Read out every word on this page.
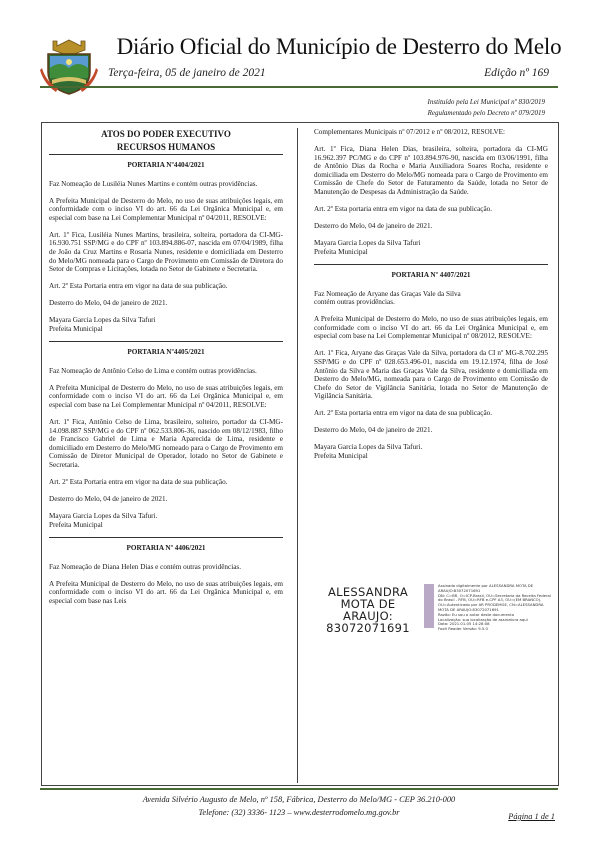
Diário Oficial do Município de Desterro do Melo
Terça-feira, 05 de janeiro de 2021	Edição nº 169
Instituído pela Lei Municipal nº 830/2019
Regulamentado pelo Decreto nº 079/2019
ATOS DO PODER EXECUTIVO
RECURSOS HUMANOS
PORTARIA Nº4404/2021

Faz Nomeação de Lusiléia Nunes Martins e contém outras providências.

A Prefeita Municipal de Desterro do Melo, no uso de suas atribuições legais, em conformidade com o inciso VI do art. 66 da Lei Orgânica Municipal e, em especial com base na Lei Complementar Municipal nº 04/2011, RESOLVE:

Art. 1º Fica, Lusiléia Nunes Martins, brasileira, solteira, portadora da CI-MG-16.930.751 SSP/MG e do CPF nº 103.894.886-07, nascida em 07/04/1989, filha de João da Cruz Martins e Rosaria Nunes, residente e domiciliada em Desterro do Melo/MG nomeada para o Cargo de Provimento em Comissão de Diretora do Setor de Compras e Licitações, lotada no Setor de Gabinete e Secretaria.

Art. 2º Esta Portaria entra em vigor na data de sua publicação.

Desterro do Melo, 04 de janeiro de 2021.

Mayara Garcia Lopes da Silva Tafuri

Prefeita Municipal

PORTARIA Nº4405/2021

Faz Nomeação de Antônio Celso de Lima e contém outras providências.

A Prefeita Municipal de Desterro do Melo, no uso de suas atribuições legais, em conformidade com o inciso VI do art. 66 da Lei Orgânica Municipal e, em especial com base na Lei Complementar Municipal nº 04/2011, RESOLVE:

Art. 1º Fica, Antônio Celso de Lima, brasileiro, solteiro, portador da CI-MG-14.098.887 SSP/MG e do CPF nº 062.533.806-36, nascido em 08/12/1983, filho de Francisco Gabriel de Lima e Maria Aparecida de Lima, residente e domiciliado em Desterro do Melo/MG nomeado para o Cargo de Provimento em Comissão de Diretor Municipal de Operador, lotado no Setor de Gabinete e Secretaria.

Art. 2º Esta Portaria entra em vigor na data de sua publicação.

Desterro do Melo, 04 de janeiro de 2021.

Mayara Garcia Lopes da Silva Tafuri.

Prefeita Municipal

PORTARIA Nº 4406/2021

Faz Nomeação de Diana Helen Dias e contém outras providências.

A Prefeita Municipal de Desterro do Melo, no uso de suas atribuições legais, em conformidade com o inciso VI do art. 66 da Lei Orgânica Municipal e, em especial com base nas Leis

Complementares Municipais nº 07/2012 e nº 08/2012, RESOLVE:

Art. 1º Fica, Diana Helen Dias, brasileira, solteira, portadora da CI-MG 16.962.397 PC/MG e do CPF nº 103.894.976-90, nascida em 03/06/1991, filha de Antônio Dias da Rocha e Maria Auxiliadora Soares Rocha, residente e domiciliada em Desterro do Melo/MG nomeada para o Cargo de Provimento em Comissão de Chefe do Setor de Faturamento da Saúde, lotada no Setor de Manutenção de Despesas da Administração da Saúde.

Art. 2º Esta portaria entra em vigor na data de sua publicação.

Desterro do Melo, 04 de janeiro de 2021.

Mayara Garcia Lopes da Silva Tafuri

Prefeita Municipal

PORTARIA Nº 4407/2021

Faz Nomeação de Aryane das Graças Vale da Silva

contém outras providências.

A Prefeita Municipal de Desterro do Melo, no uso de suas atribuições legais, em conformidade com o inciso VI do art. 66 da Lei Orgânica Municipal e, em especial com base na Lei Complementar Municipal nº 08/2012, RESOLVE:

Art. 1º Fica, Aryane das Graças Vale da Silva, portadora da CI nº MG-8.702.295 SSP/MG e do CPF nº 028.653.496-01, nascida em 19.12.1974, filha de José Antônio da Silva e Maria das Graças Vale da Silva, residente e domiciliada em Desterro do Melo/MG, nomeada para o Cargo de Provimento em Comissão de Chefe do Setor de Vigilância Sanitária, lotada no Setor de Manutenção de Vigilância Sanitária.

Art. 2º Esta portaria entra em vigor na data de sua publicação.

Desterro do Melo, 04 de janeiro de 2021.

Mayara Garcia Lopes da Silva Tafuri.

Prefeita Municipal

ALESSANDRA
MOTA DE ARAUJO:
83072071691
Assinado digitalmente por ALESSANDRA MOTA DE ARAUJO:83072071691
DN: C=BR, O=ICP-Brasil, OU=Secretaria da Receita Federal do Brasil - RFB, OU=RFB e-CPF A3, OU=(EM BRANCO),
OU=Autenticado por AR PRODEMGE, CN=ALESSANDRA MOTA DE ARAUJO:83072071691
Razão: Eu sou o autor deste documento
Localização: sua localização de assinatura aqui
Data: 2021.01.05 14:28:08
Foxit Reader Versão: 9.5.0
Avenida Silvério Augusto de Melo, nº 158, Fábrica, Desterro do Melo/MG - CEP 36.210-000
Telefone: (32) 3336- 1123 – www.desterrodomelo.mg.gov.br	Página 1 de 1
